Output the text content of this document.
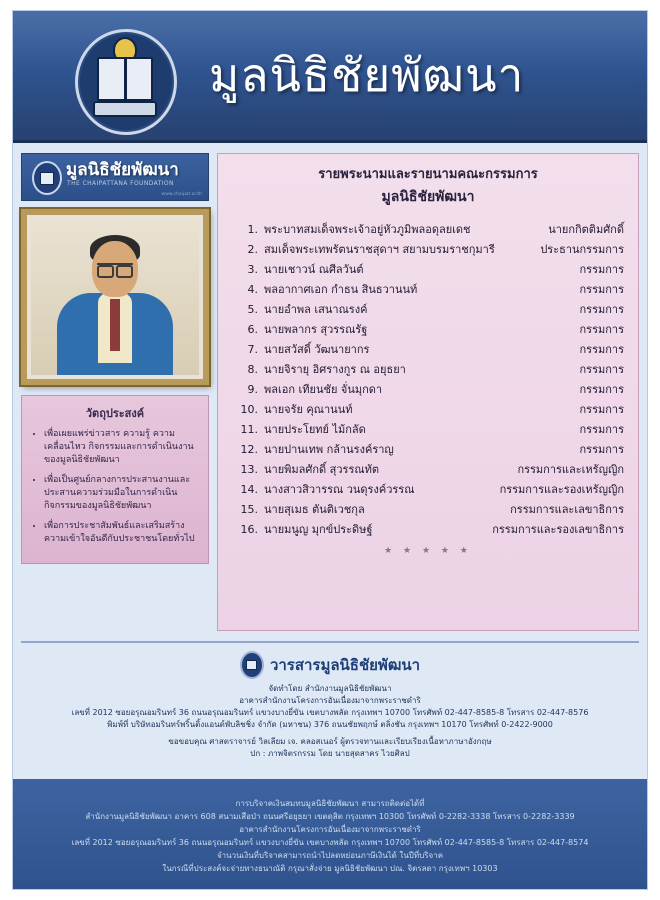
มูลนิธิชัยพัฒนา
มูลนิธิชัยพัฒนา
THE CHAIPATTANA FOUNDATION
www.chaipat.or.th
วัตถุประสงค์
• เพื่อเผยแพร่ข่าวสาร ความรู้ ความเคลื่อนไหว กิจกรรมและการดำเนินงานของมูลนิธิชัยพัฒนา
• เพื่อเป็นศูนย์กลางการประสานงานและประสานความร่วมมือในการดำเนินกิจกรรมของมูลนิธิชัยพัฒนา
• เพื่อการประชาสัมพันธ์และเสริมสร้างความเข้าใจอันดีกับประชาชนโดยทั่วไป
รายพระนามและรายนามคณะกรรมการ
มูลนิธิชัยพัฒนา
1. พระบาทสมเด็จพระเจ้าอยู่หัวภูมิพลอดุลยเดช	นายกกิตติมศักดิ์
2. สมเด็จพระเทพรัตนราชสุดาฯ สยามบรมราชกุมารี	ประธานกรรมการ
3. นายเชาวน์ ณศีลวันต์	กรรมการ
4. พลอากาศเอก กำธน สินธวานนท์	กรรมการ
5. นายอำพล เสนาณรงค์	กรรมการ
6. นายพลากร สุวรรณรัฐ	กรรมการ
7. นายสวัสดิ์ วัฒนายากร	กรรมการ
8. นายจิรายุ อิศรางกูร ณ อยุธยา	กรรมการ
9. พลเอก เทียนชัย จั่นมุกดา	กรรมการ
10. นายจรัย คุณานนท์	กรรมการ
11. นายประโยทย์ ไม้กลัด	กรรมการ
12. นายปานเทพ กล้านรงค์ราญ	กรรมการ
13. นายพิมลศักดิ์ สุวรรณทัต	กรรมการและเหรัญญิก
14. นางสาวสิวารรณ วนดุรงค์วรรณ	กรรมการและรองเหรัญญิก
15. นายสุเมธ ตันติเวชกุล	กรรมการและเลขาธิการ
16. นายมนูญ มุกข์ประดิษฐ์	กรรมการและรองเลขาธิการ
★ ★ ★ ★ ★
วารสารมูลนิธิชัยพัฒนา
จัดทำโดย สำนักงานมูลนิธิชัยพัฒนา
อาคารสำนักงานโครงการอันเนื่องมาจากพระราชดำริ
เลขที่ 2012 ซอยอรุณอมรินทร์ 36 ถนนอรุณอมรินทร์ แขวงบางยี่ขัน เขตบางพลัด กรุงเทพฯ 10700 โทรศัพท์ 02-447-8585-8 โทรสาร 02-447-8576
พิมพ์ที่ บริษัทอมรินทร์พริ้นติ้งแอนด์พับลิชชิ่ง จำกัด (มหาชน) 376 ถนนชัยพฤกษ์ ตลิ่งชัน กรุงเทพฯ 10170 โทรศัพท์ 0-2422-9000
ขอขอบคุณ ศาสตราจารย์ วิลเลียม เจ. คลอสเนอร์ ผู้ตรวจทานและเรียบเรียงเนื้อหาภาษาอังกฤษ
ปก : ภาพจิตรกรรม โดย นายสุดสาคร ไวยศิลป
การบริจาคเงินสมทบมูลนิธิชัยพัฒนา สามารถติดต่อได้ที่
สำนักงานมูลนิธิชัยพัฒนา อาคาร 608 สนามเสือป่า ถนนศรีอยุธยา เขตดุสิต กรุงเทพฯ 10300 โทรศัพท์ 0-2282-3338 โทรสาร 0-2282-3339
อาคารสำนักงานโครงการอันเนื่องมาจากพระราชดำริ
เลขที่ 2012 ซอยอรุณอมรินทร์ 36 ถนนอรุณอมรินทร์ แขวงบางยี่ขัน เขตบางพลัด กรุงเทพฯ 10700 โทรศัพท์ 02-447-8585-8 โทรสาร 02-447-8574
จำนวนเงินที่บริจาคสามารถนำไปลดหย่อนภาษีเงินได้ ในปีที่บริจาค
ในกรณีที่ประสงค์จะจ่ายทางธนาณัติ กรุณาสั่งจ่าย มูลนิธิชัยพัฒนา ปณ. จิตรลดา กรุงเทพฯ 10303
